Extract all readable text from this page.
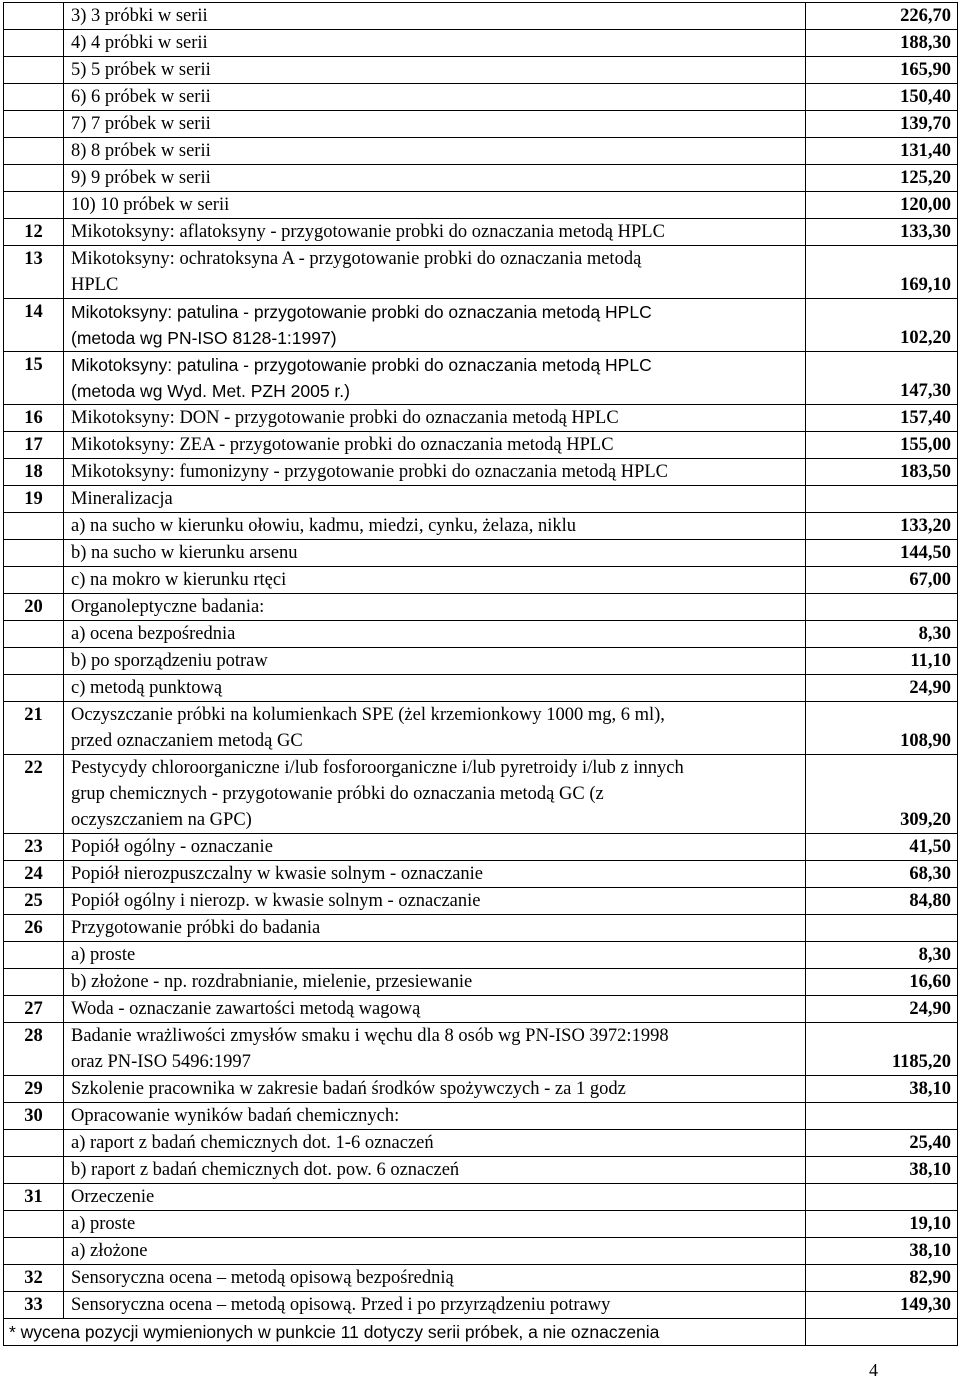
	3) 3 próbki w serii	226,70
	4) 4 próbki w serii	188,30
	5) 5 próbek w serii	165,90
	6) 6 próbek w serii	150,40
	7) 7 próbek w serii	139,70
	8) 8 próbek w serii	131,40
	9) 9 próbek w serii	125,20
	10) 10 próbek w serii	120,00
12	Mikotoksyny: aflatoksyny - przygotowanie probki do oznaczania metodą HPLC	133,30
13	Mikotoksyny: ochratoksyna A - przygotowanie probki do oznaczania metodą
HPLC	169,10
14	Mikotoksyny: patulina - przygotowanie probki do oznaczania metodą HPLC
(metoda wg PN-ISO 8128-1:1997)	102,20
15	Mikotoksyny: patulina - przygotowanie probki do oznaczania metodą HPLC
(metoda wg Wyd. Met. PZH 2005 r.)	147,30
16	Mikotoksyny: DON - przygotowanie probki do oznaczania metodą HPLC	157,40
17	Mikotoksyny: ZEA - przygotowanie probki do oznaczania metodą HPLC	155,00
18	Mikotoksyny: fumonizyny - przygotowanie probki do oznaczania metodą HPLC	183,50
19	Mineralizacja	
	a) na sucho w kierunku ołowiu, kadmu, miedzi, cynku, żelaza, niklu	133,20
	b) na sucho w kierunku arsenu	144,50
	c) na mokro w kierunku rtęci	67,00
20	Organoleptyczne badania:	
	a) ocena bezpośrednia	8,30
	b) po sporządzeniu potraw	11,10
	c) metodą punktową	24,90
21	Oczyszczanie próbki na kolumienkach SPE (żel krzemionkowy 1000 mg, 6 ml),
przed oznaczaniem metodą GC	108,90
22	Pestycydy chloroorganiczne i/lub fosforoorganiczne i/lub pyretroidy i/lub z innych
grup chemicznych - przygotowanie próbki do oznaczania metodą GC (z
oczyszczaniem na GPC)	309,20
23	Popiół ogólny - oznaczanie	41,50
24	Popiół nierozpuszczalny w kwasie solnym - oznaczanie	68,30
25	Popiół ogólny i nierozp. w kwasie solnym - oznaczanie	84,80
26	Przygotowanie próbki do badania	
	a) proste	8,30
	b) złożone - np. rozdrabnianie, mielenie, przesiewanie	16,60
27	Woda - oznaczanie zawartości metodą wagową	24,90
28	Badanie wrażliwości zmysłów smaku i węchu dla 8 osób wg PN-ISO 3972:1998
oraz PN-ISO 5496:1997	1185,20
29	Szkolenie pracownika w zakresie badań środków spożywczych - za 1 godz	38,10
30	Opracowanie wyników badań chemicznych:	
	a) raport z badań chemicznych dot. 1-6 oznaczeń	25,40
	b) raport z badań chemicznych dot. pow. 6 oznaczeń	38,10
31	Orzeczenie	
	a) proste	19,10
	a) złożone	38,10
32	Sensoryczna ocena – metodą opisową bezpośrednią	82,90
33	Sensoryczna ocena – metodą opisową. Przed i po przyrządzeniu potrawy	149,30
* wycena pozycji wymienionych w punkcie 11 dotyczy serii próbek, a nie oznaczenia		
4
